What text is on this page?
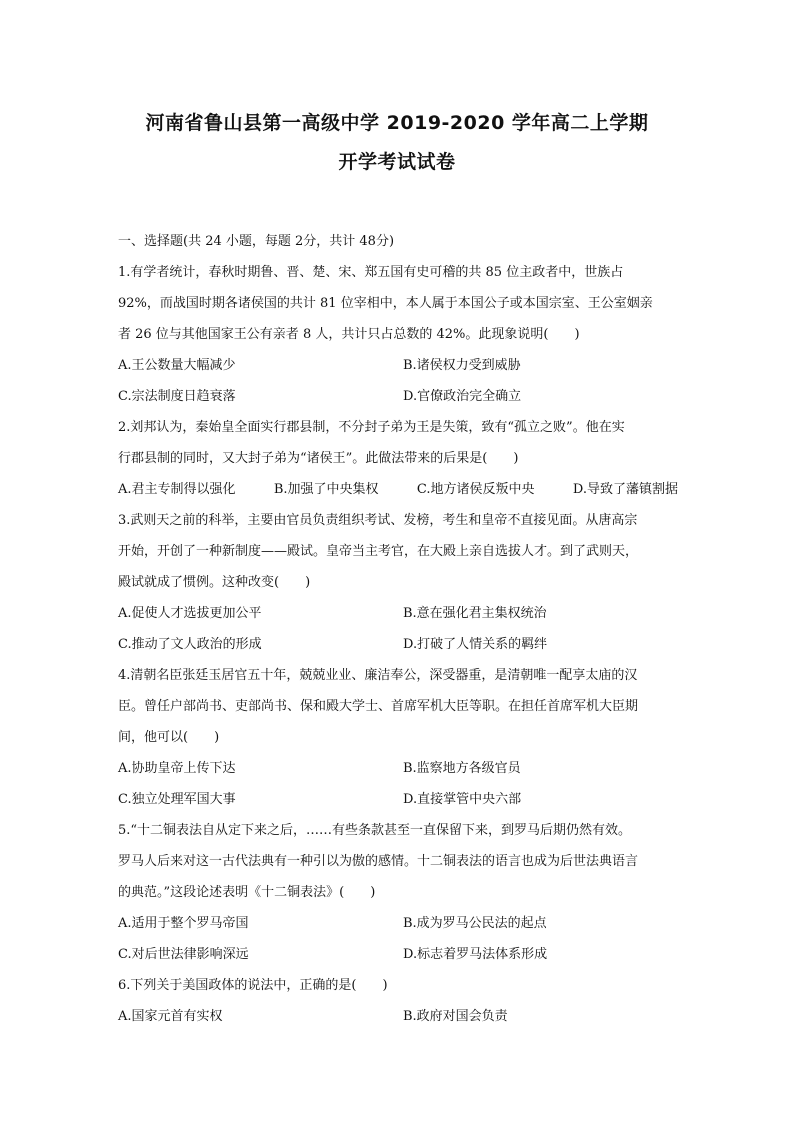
河南省鲁山县第一高级中学 2019-2020 学年高二上学期
开学考试试卷
一、选择题(共 24 小题，每题 2分，共计 48分)
1.有学者统计，春秋时期鲁、晋、楚、宋、郑五国有史可稽的共 85 位主政者中，世族占
92%，而战国时期各诸侯国的共计 81 位宰相中，本人属于本国公子或本国宗室、王公室姻亲
者 26 位与其他国家王公有亲者 8 人，共计只占总数的 42%。此现象说明(　　)
A.王公数量大幅减少	B.诸侯权力受到威胁
C.宗法制度日趋衰落	D.官僚政治完全确立
2.刘邦认为，秦始皇全面实行郡县制，不分封子弟为王是失策，致有“孤立之败”。他在实
行郡县制的同时，又大封子弟为“诸侯王”。此做法带来的后果是(　　)
A.君主专制得以强化	B.加强了中央集权	C.地方诸侯反叛中央	D.导致了藩镇割据
3.武则天之前的科举，主要由官员负责组织考试、发榜，考生和皇帝不直接见面。从唐高宗
开始，开创了一种新制度——殿试。皇帝当主考官，在大殿上亲自选拔人才。到了武则天，
殿试就成了惯例。这种改变(　　)
A.促使人才选拔更加公平	B.意在强化君主集权统治
C.推动了文人政治的形成	D.打破了人情关系的羁绊
4.清朝名臣张廷玉居官五十年，兢兢业业、廉洁奉公，深受器重，是清朝唯一配享太庙的汉
臣。曾任户部尚书、吏部尚书、保和殿大学士、首席军机大臣等职。在担任首席军机大臣期
间，他可以(　　)
A.协助皇帝上传下达	B.监察地方各级官员
C.独立处理军国大事	D.直接掌管中央六部
5.“十二铜表法自从定下来之后，……有些条款甚至一直保留下来，到罗马后期仍然有效。
罗马人后来对这一古代法典有一种引以为傲的感情。十二铜表法的语言也成为后世法典语言
的典范。”这段论述表明《十二铜表法》(　　)
A.适用于整个罗马帝国	B.成为罗马公民法的起点
C.对后世法律影响深远	D.标志着罗马法体系形成
6.下列关于美国政体的说法中，正确的是(　　)
A.国家元首有实权	B.政府对国会负责
